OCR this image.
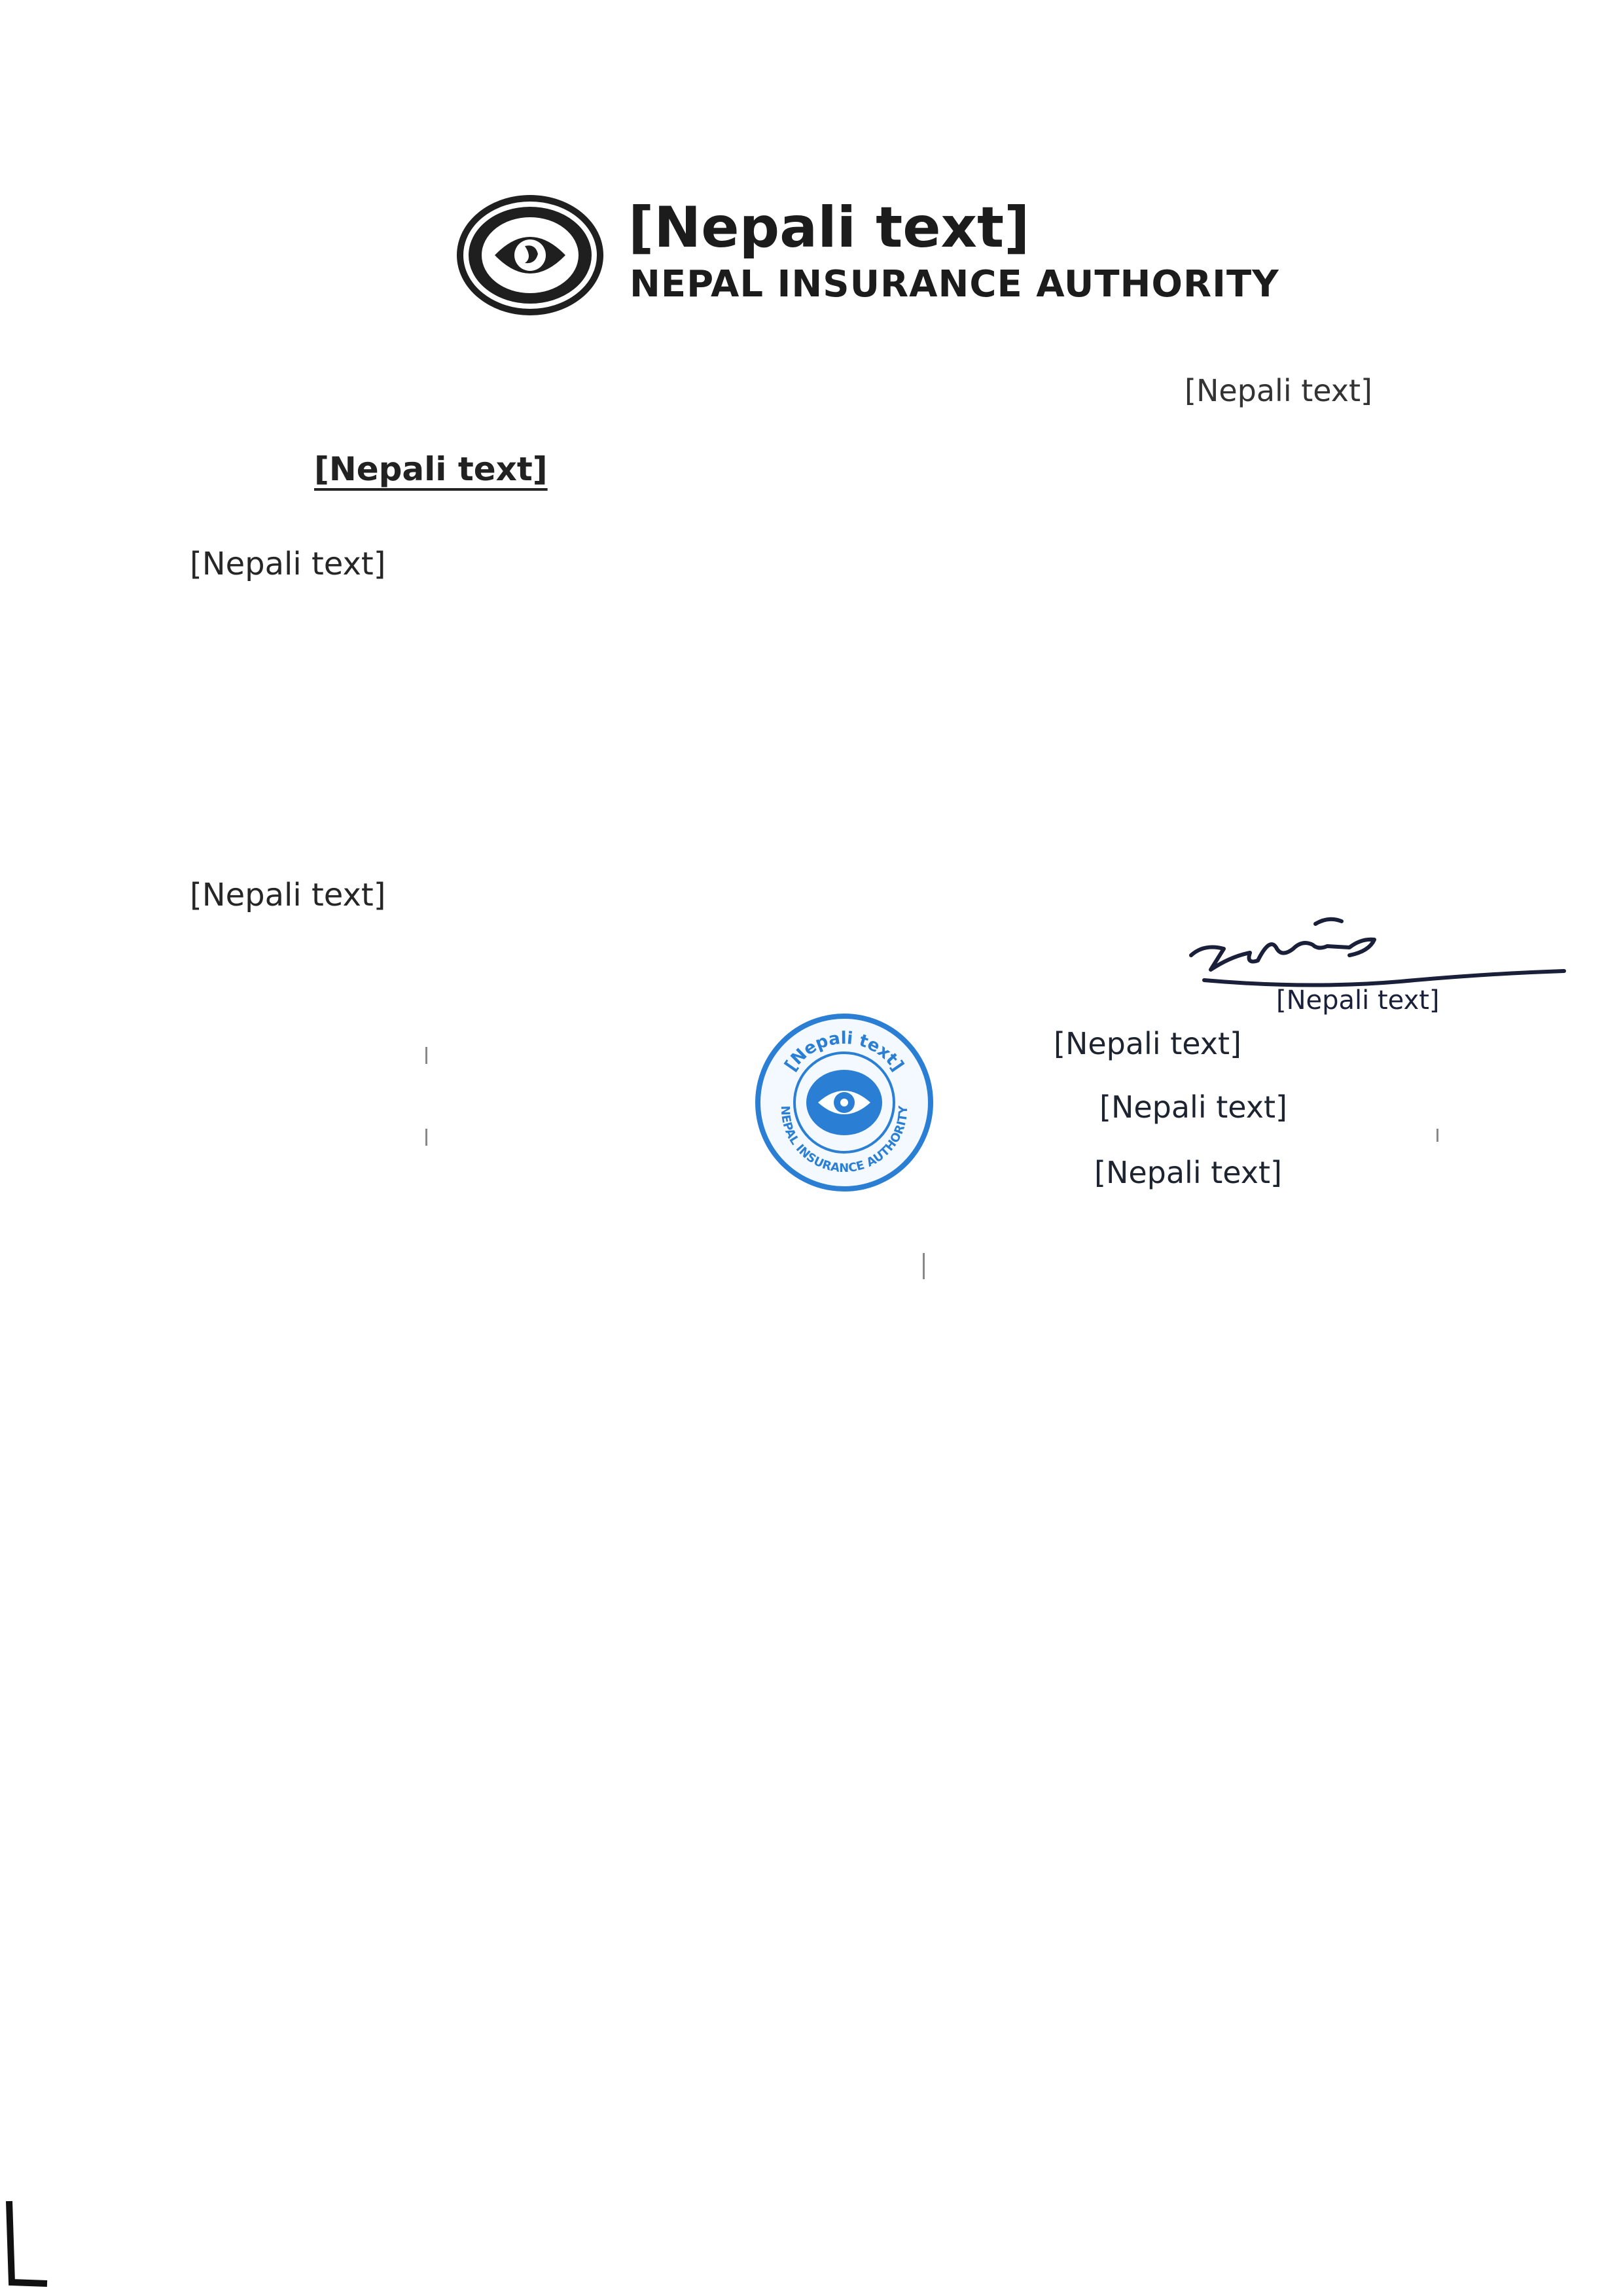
[Nepali text]
NEPAL INSURANCE AUTHORITY
[Nepali text]
[Nepali text]
[Nepali text]
[Nepali text]
[Nepali text]
[Nepali text]
NEPAL INSURANCE AUTHORITY
[Nepali text]
[Nepali text]
[Nepali text]
